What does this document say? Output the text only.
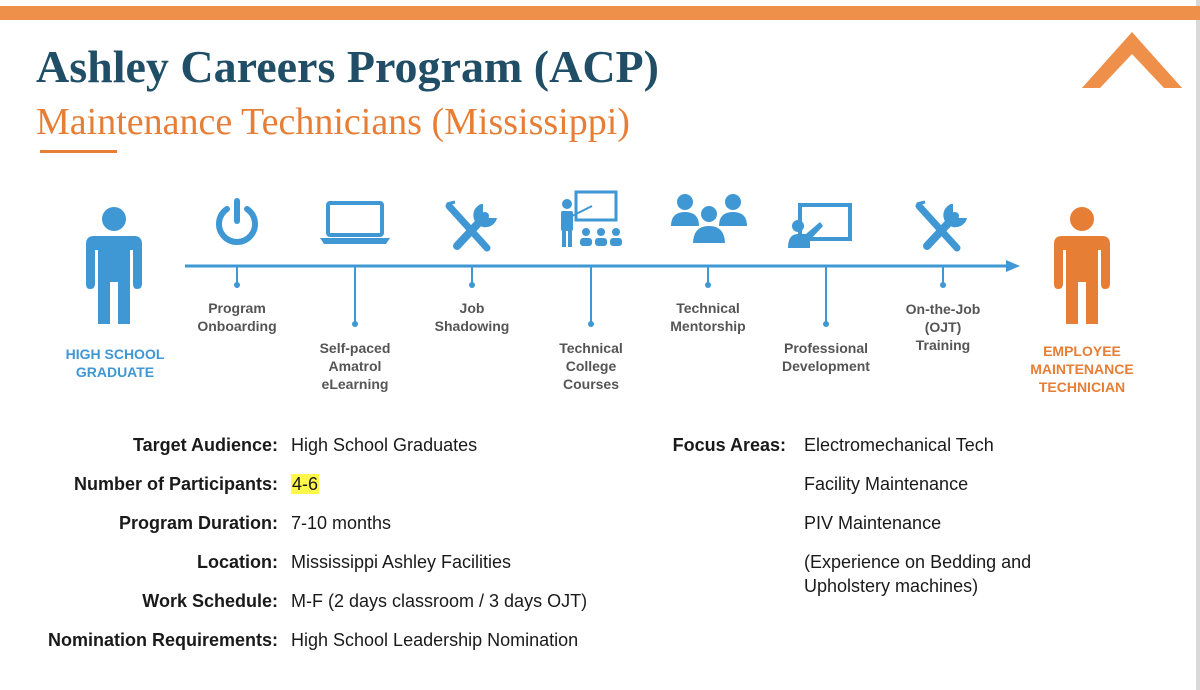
Ashley Careers Program (ACP)
Maintenance Technicians (Mississippi)
HIGH SCHOOL
GRADUATE
EMPLOYEE
MAINTENANCE
TECHNICIAN
Program
Onboarding
Self-paced
Amatrol
eLearning
Job
Shadowing
Technical
College
Courses
Technical
Mentorship
Professional
Development
On-the-Job
(OJT)
Training
Target Audience: High School Graduates
Number of Participants: 4-6
Program Duration: 7-10 months
Location: Mississippi Ashley Facilities
Work Schedule: M-F (2 days classroom / 3 days OJT)
Nomination Requirements: High School Leadership Nomination
Focus Areas: Electromechanical Tech
Facility Maintenance
PIV Maintenance
(Experience on Bedding and
Upholstery machines)
